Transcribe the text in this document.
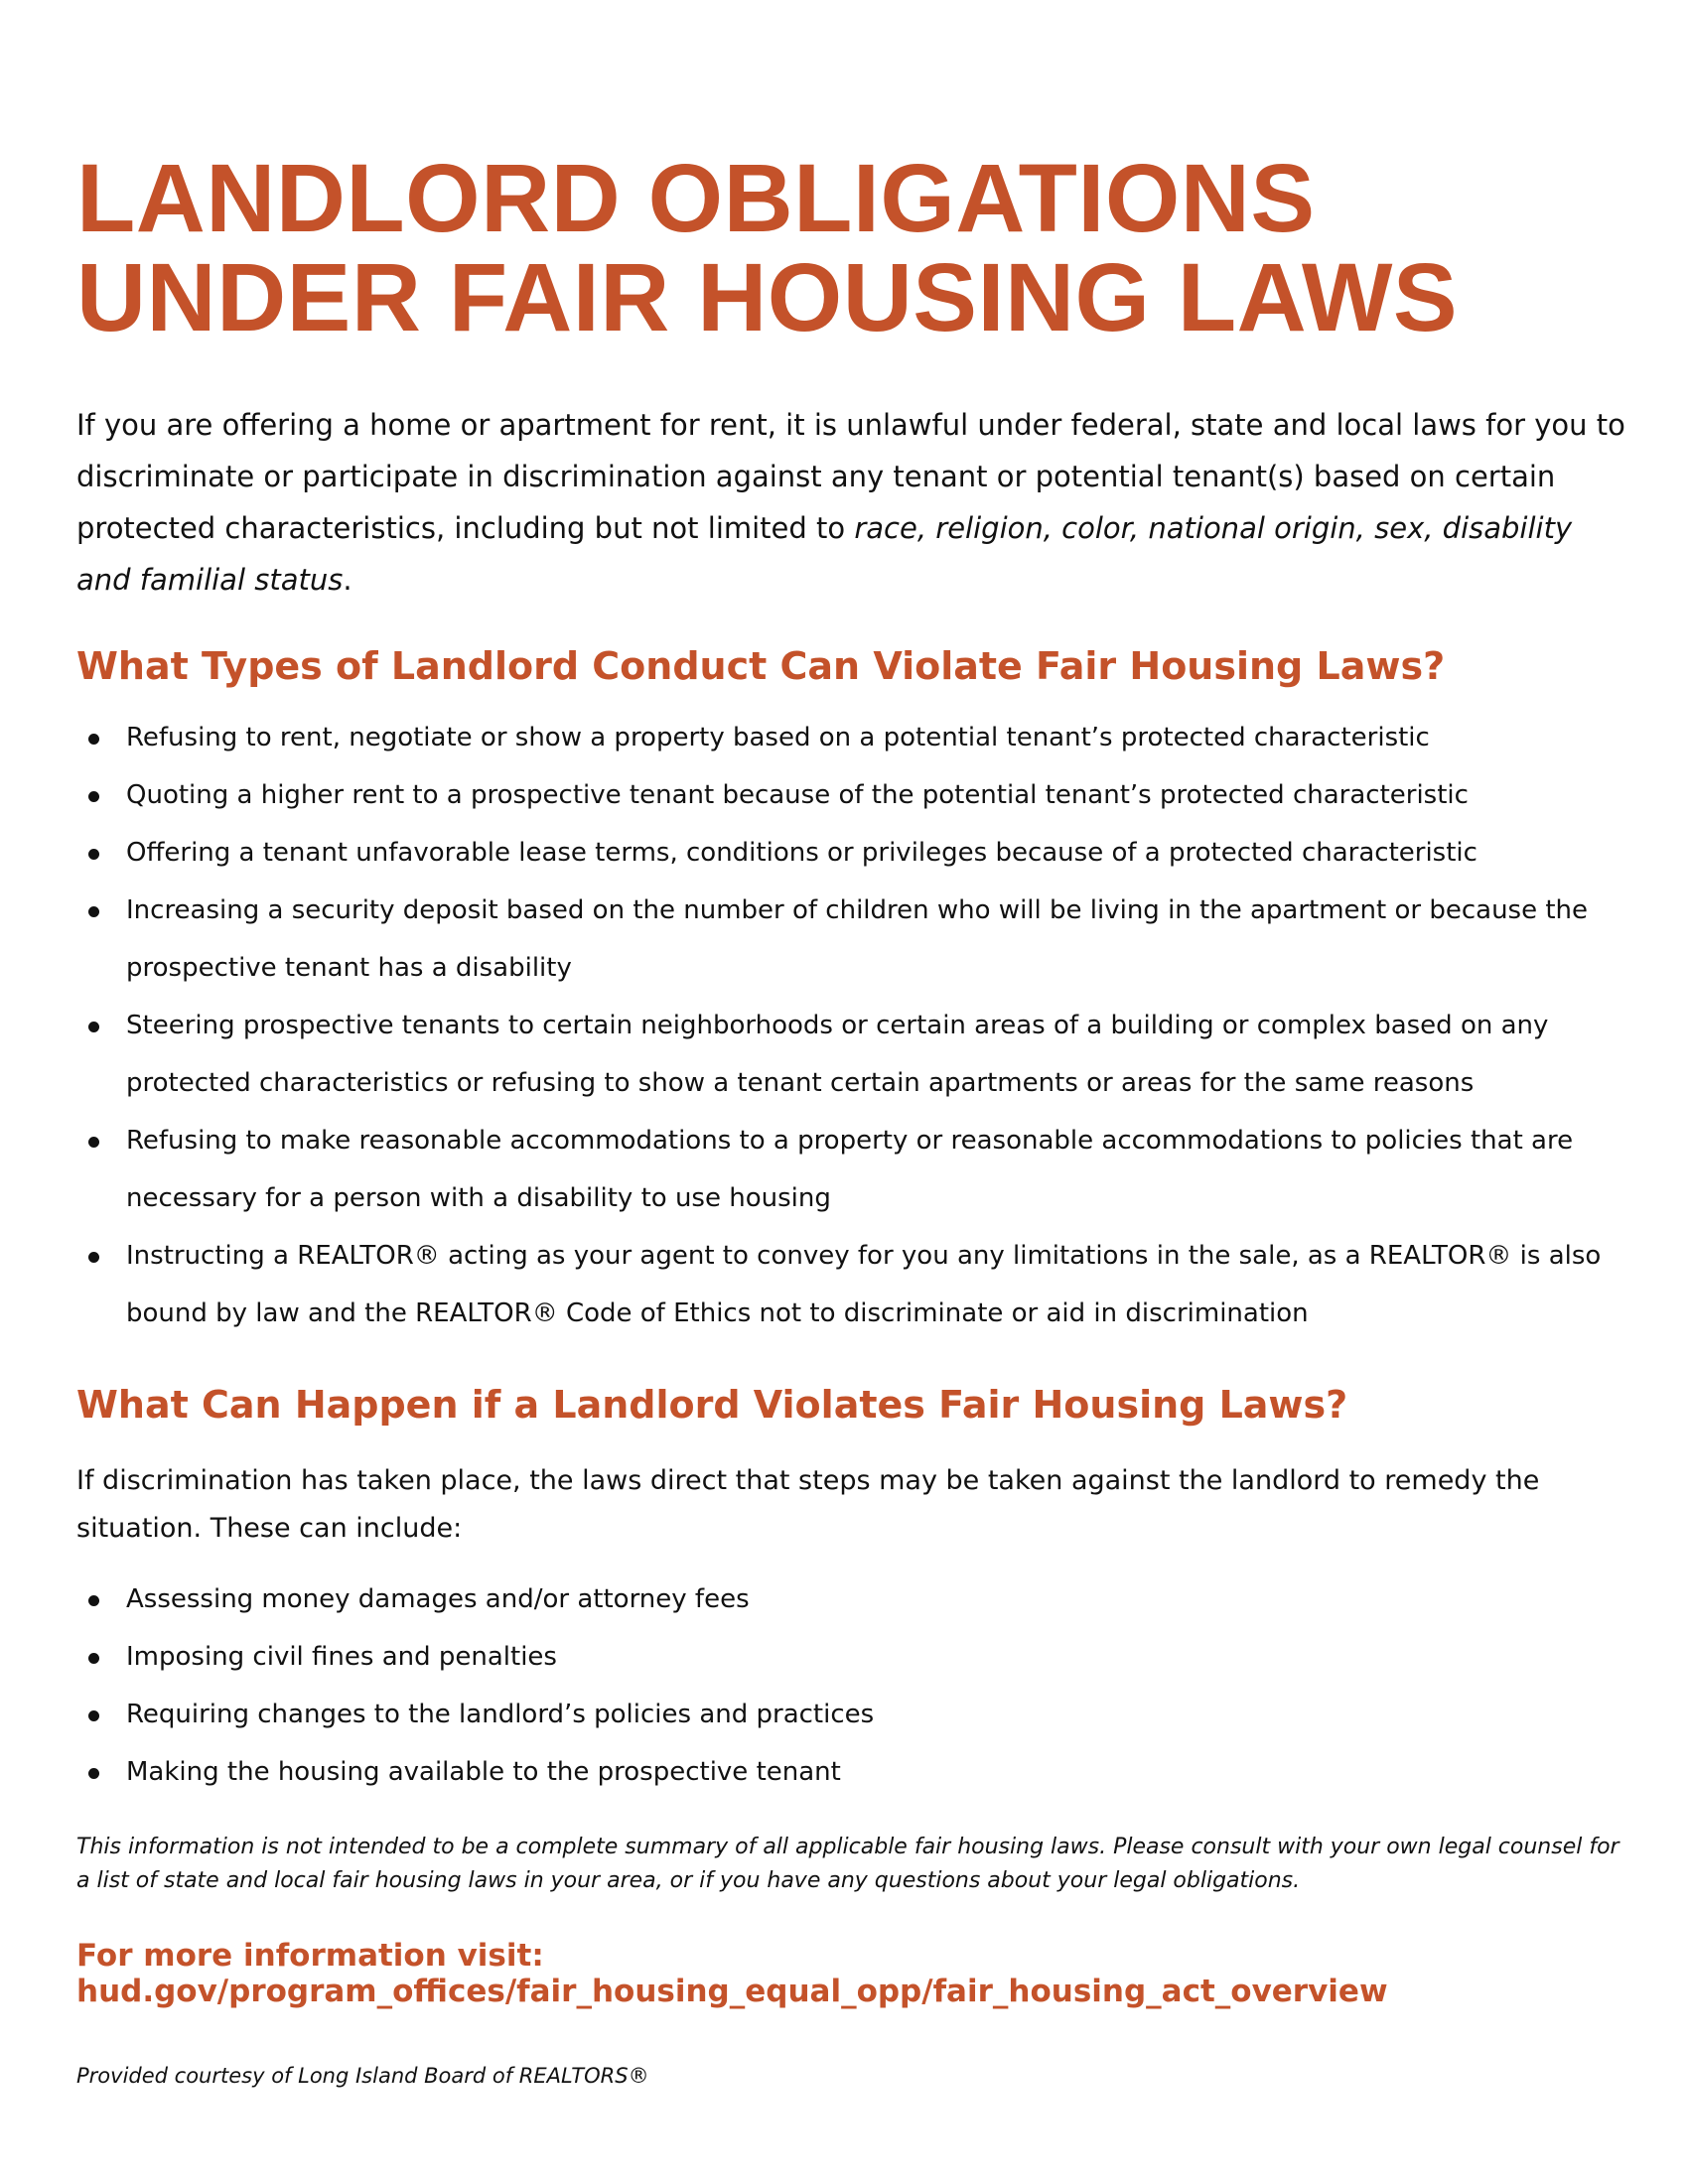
LANDLORD OBLIGATIONS
UNDER FAIR HOUSING LAWS

If you are offering a home or apartment for rent, it is unlawful under federal, state and local laws for you to discriminate or participate in discrimination against any tenant or potential tenant(s) based on certain protected characteristics, including but not limited to race, religion, color, national origin, sex, disability and familial status.

What Types of Landlord Conduct Can Violate Fair Housing Laws?
Refusing to rent, negotiate or show a property based on a potential tenant’s protected characteristic
Quoting a higher rent to a prospective tenant because of the potential tenant’s protected characteristic
Offering a tenant unfavorable lease terms, conditions or privileges because of a protected characteristic
Increasing a security deposit based on the number of children who will be living in the apartment or because the prospective tenant has a disability
Steering prospective tenants to certain neighborhoods or certain areas of a building or complex based on any protected characteristics or refusing to show a tenant certain apartments or areas for the same reasons
Refusing to make reasonable accommodations to a property or reasonable accommodations to policies that are necessary for a person with a disability to use housing
Instructing a REALTOR® acting as your agent to convey for you any limitations in the sale, as a REALTOR® is also bound by law and the REALTOR® Code of Ethics not to discriminate or aid in discrimination
What Can Happen if a Landlord Violates Fair Housing Laws?

If discrimination has taken place, the laws direct that steps may be taken against the landlord to remedy the situation. These can include:

Assessing money damages and/or attorney fees
Imposing civil fines and penalties
Requiring changes to the landlord’s policies and practices
Making the housing available to the prospective tenant

This information is not intended to be a complete summary of all applicable fair housing laws. Please consult with your own legal counsel for a list of state and local fair housing laws in your area, or if you have any questions about your legal obligations.

For more information visit:
hud.gov/program_offices/fair_housing_equal_opp/fair_housing_act_overview
Provided courtesy of Long Island Board of REALTORS®
